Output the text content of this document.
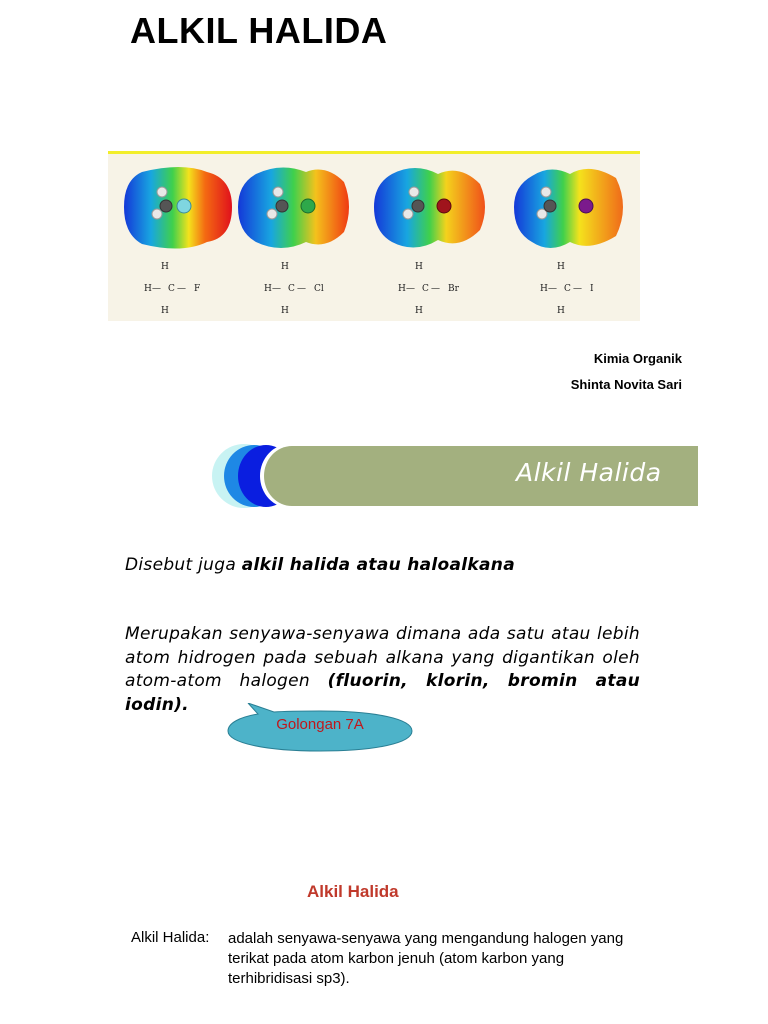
ALKIL HALIDA
H
H — C — F
H
H
H — C — Cl
H
H
H — C — Br
H
H
H — C — I
H
Kimia Organik
Shinta Novita Sari
Alkil Halida
Disebut juga alkil halida atau haloalkana
Merupakan senyawa-senyawa dimana ada satu atau lebih atom hidrogen pada sebuah alkana yang digantikan oleh atom-atom halogen (fluorin, klorin, bromin atau iodin).
Golongan 7A
Alkil Halida
Alkil Halida: adalah senyawa-senyawa yang mengandung halogen yang terikat pada atom karbon jenuh (atom karbon yang terhibridisasi sp3).
